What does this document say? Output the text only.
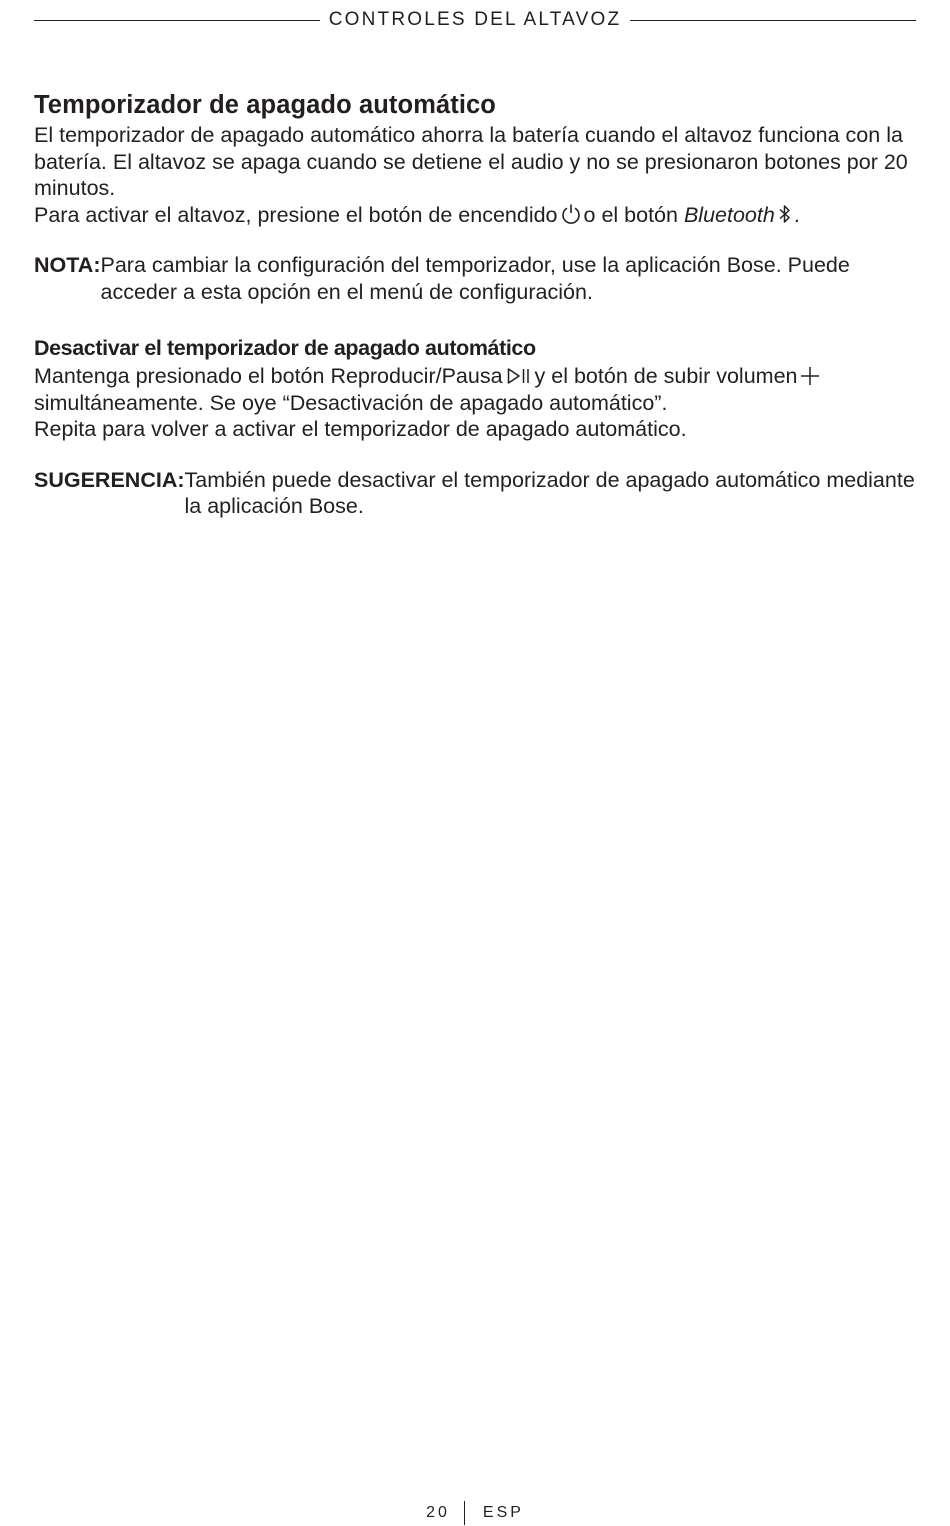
CONTROLES DEL ALTAVOZ
Temporizador de apagado automático

El temporizador de apagado automático ahorra la batería cuando el altavoz funciona con la batería. El altavoz se apaga cuando se detiene el audio y no se presionaron botones por 20 minutos.

Para activar el altavoz, presione el botón de encendido o el botón Bluetooth .

NOTA: Para cambiar la configuración del temporizador, use la aplicación Bose. Puede acceder a esta opción en el menú de configuración.

Desactivar el temporizador de apagado automático

Mantenga presionado el botón Reproducir/Pausa y el botón de subir volumen
simultáneamente. Se oye “Desactivación de apagado automático”.

Repita para volver a activar el temporizador de apagado automático.

SUGERENCIA: También puede desactivar el temporizador de apagado automático mediante la aplicación Bose.

20	ESP
